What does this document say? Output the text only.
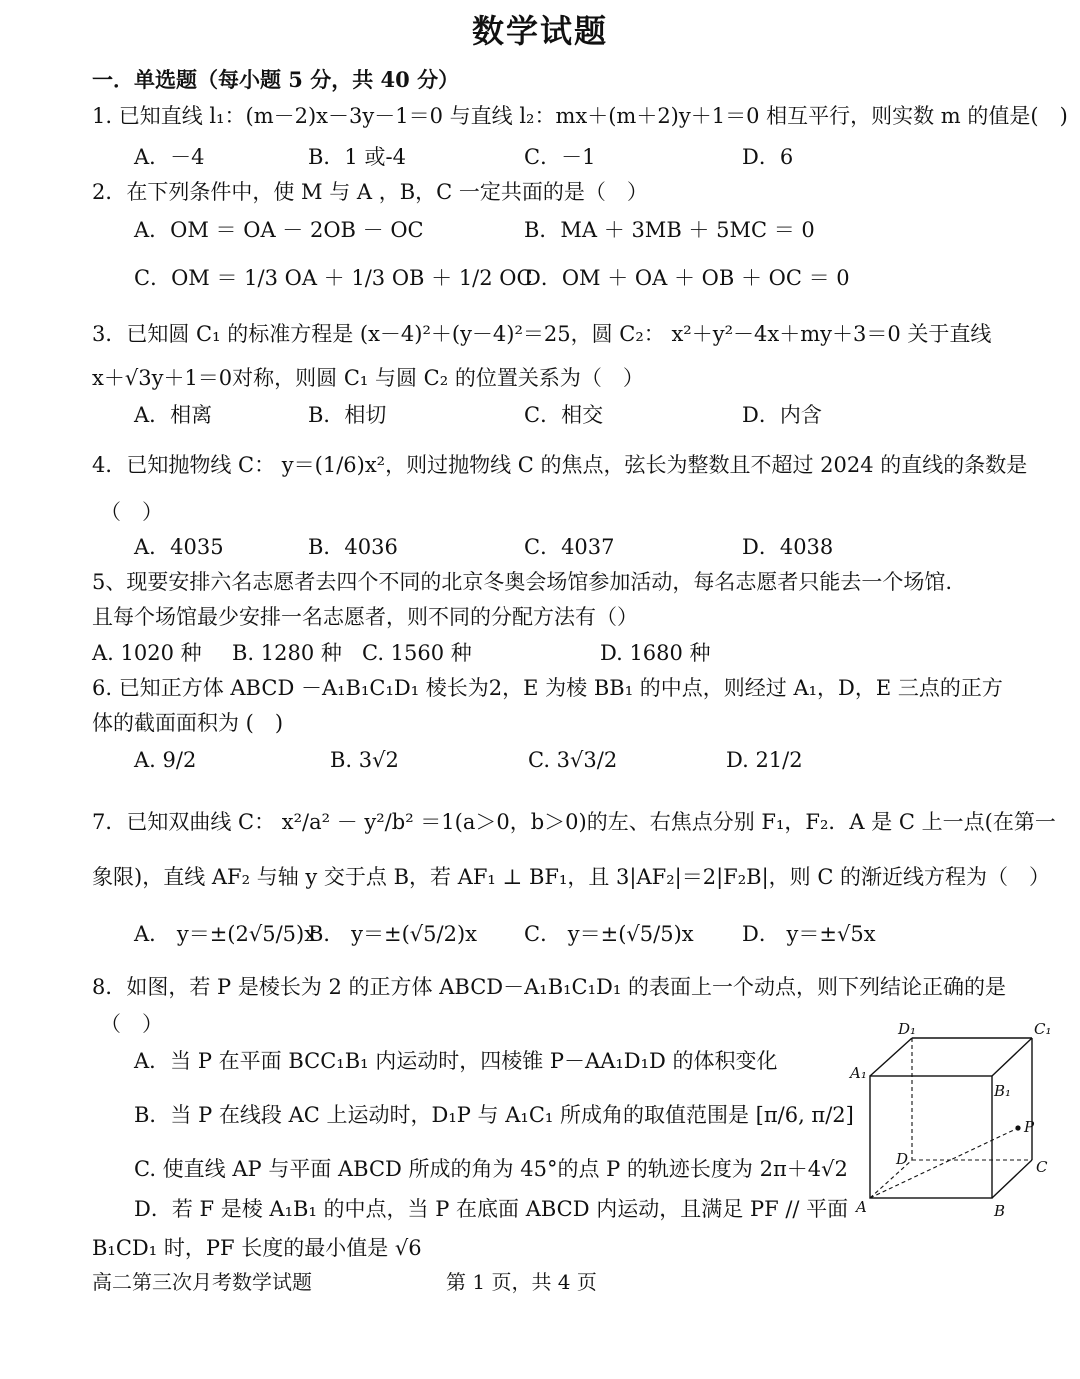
数学试题
一．单选题（每小题 5 分，共 40 分）
1. 已知直线 l₁：(m－2)x－3y－1＝0 与直线 l₂：mx＋(m＋2)y＋1＝0 相互平行，则实数 m 的值是(　)
A．－4	B．1 或-4	C．－1	D．6
2．在下列条件中，使 M 与 A ，B，C 一定共面的是（　）
A．OM ＝ OA － 2OB － OC	B．MA ＋ 3MB ＋ 5MC ＝ 0
C．OM ＝ 1/3 OA ＋ 1/3 OB ＋ 1/2 OC
D．OM ＋ OA ＋ OB ＋ OC ＝ 0
3．已知圆 C₁ 的标准方程是 (x－4)²＋(y－4)²＝25，圆 C₂： x²＋y²－4x＋my＋3＝0 关于直线
x＋√3y＋1＝0对称，则圆 C₁ 与圆 C₂ 的位置关系为（　）
A．相离	B．相切	C．相交	D．内含
4．已知抛物线 C： y＝(1/6)x²，则过抛物线 C 的焦点，弦长为整数且不超过 2024 的直线的条数是
（　）
A．4035	B．4036	C．4037	D．4038
5、现要安排六名志愿者去四个不同的北京冬奥会场馆参加活动，每名志愿者只能去一个场馆.
且每个场馆最少安排一名志愿者，则不同的分配方法有（）
A. 1020 种 B. 1280 种 C. 1560 种	D. 1680 种
6. 已知正方体 ABCD －A₁B₁C₁D₁ 棱长为2，E 为棱 BB₁ 的中点，则经过 A₁，D，E 三点的正方
体的截面面积为 (　)
A. 9/2	B. 3√2	C. 3√3/2	D. 21/2
7．已知双曲线 C： x²/a² － y²/b² ＝1(a＞0，b＞0)的左、右焦点分别 F₁，F₂．A 是 C 上一点(在第一
象限)，直线 AF₂ 与轴 y 交于点 B，若 AF₁ ⊥ BF₁，且 3|AF₂|＝2|F₂B|，则 C 的渐近线方程为（　）
A． y＝±(2√5/5)x
B． y＝±(√5/2)x C． y＝±(√5/5)x D． y＝±√5x
8．如图，若 P 是棱长为 2 的正方体 ABCD－A₁B₁C₁D₁ 的表面上一个动点，则下列结论正确的是
（　）
A．当 P 在平面 BCC₁B₁ 内运动时，四棱锥 P－AA₁D₁D 的体积变化
B．当 P 在线段 AC 上运动时，D₁P 与 A₁C₁ 所成角的取值范围是 [π/6, π/2]
C. 使直线 AP 与平面 ABCD 所成的角为 45°的点 P 的轨迹长度为 2π＋4√2
D．若 F 是棱 A₁B₁ 的中点，当 P 在底面 ABCD 内运动，且满足 PF // 平面
B₁CD₁ 时，PF 长度的最小值是 √6
D₁	C₁
A₁
B₁
P
D	C
A	B
高二第三次月考数学试题	第 1 页，共 4 页
